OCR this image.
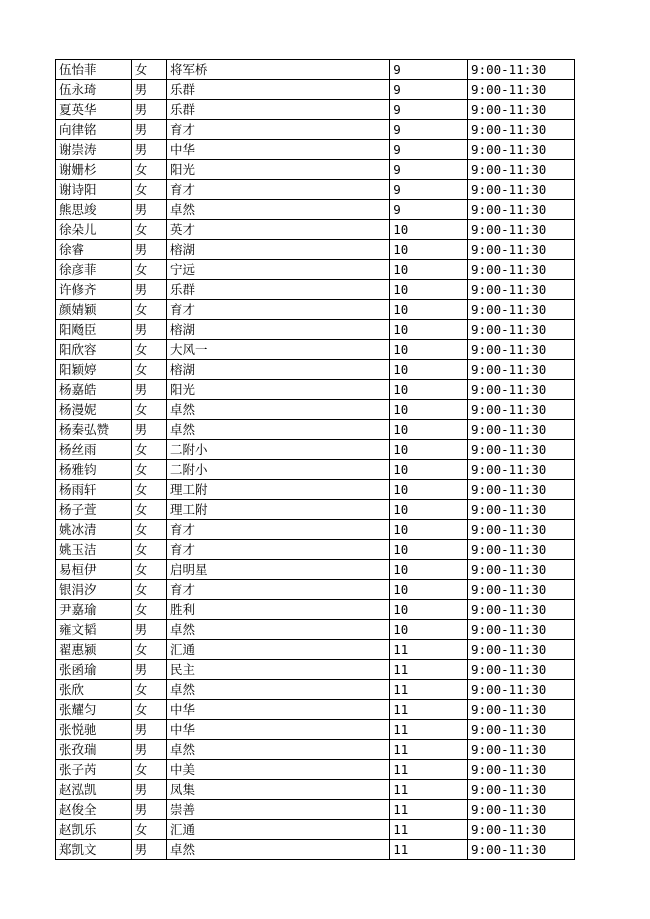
伍怡菲	女	将军桥	9	9:00-11:30
伍永琦	男	乐群	9	9:00-11:30
夏英华	男	乐群	9	9:00-11:30
向律铭	男	育才	9	9:00-11:30
谢崇涛	男	中华	9	9:00-11:30
谢姗杉	女	阳光	9	9:00-11:30
谢诗阳	女	育才	9	9:00-11:30
熊思竣	男	卓然	9	9:00-11:30
徐朵儿	女	英才	10	9:00-11:30
徐睿	男	榕湖	10	9:00-11:30
徐彦菲	女	宁远	10	9:00-11:30
许修齐	男	乐群	10	9:00-11:30
颜婧颖	女	育才	10	9:00-11:30
阳飏臣	男	榕湖	10	9:00-11:30
阳欣容	女	大风一	10	9:00-11:30
阳颖婷	女	榕湖	10	9:00-11:30
杨嘉皓	男	阳光	10	9:00-11:30
杨漫妮	女	卓然	10	9:00-11:30
杨秦弘赞	男	卓然	10	9:00-11:30
杨丝雨	女	二附小	10	9:00-11:30
杨雅钧	女	二附小	10	9:00-11:30
杨雨轩	女	理工附	10	9:00-11:30
杨子萱	女	理工附	10	9:00-11:30
姚冰清	女	育才	10	9:00-11:30
姚玉洁	女	育才	10	9:00-11:30
易桓伊	女	启明星	10	9:00-11:30
银涓汐	女	育才	10	9:00-11:30
尹嘉瑜	女	胜利	10	9:00-11:30
雍文韬	男	卓然	10	9:00-11:30
翟惠颍	女	汇通	11	9:00-11:30
张函瑜	男	民主	11	9:00-11:30
张欣	女	卓然	11	9:00-11:30
张耀匀	女	中华	11	9:00-11:30
张悦驰	男	中华	11	9:00-11:30
张孜瑞	男	卓然	11	9:00-11:30
张子芮	女	中美	11	9:00-11:30
赵泓凯	男	凤集	11	9:00-11:30
赵俊全	男	崇善	11	9:00-11:30
赵凯乐	女	汇通	11	9:00-11:30
郑凯文	男	卓然	11	9:00-11:30
